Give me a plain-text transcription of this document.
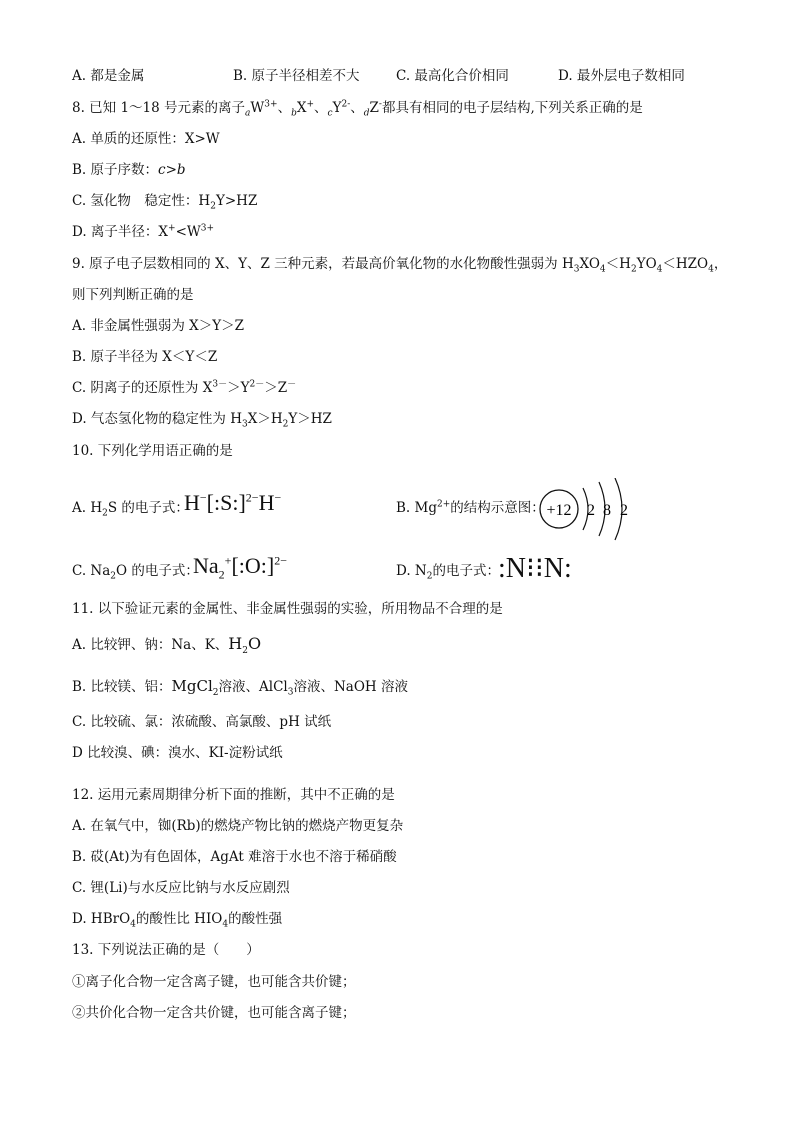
A. 都是金属	B. 原子半径相差不大	C. 最高化合价相同	D. 最外层电子数相同
8. 已知 1～18 号元素的离子$_aW^{3+}$、$_b$X+、$_cY^{2-}$、$_d$Z-都具有相同的电子层结构,下列关系正确的是
A. 单质的还原性：X>W
B. 原子序数：c>b
C. 氢化物　稳定性：$H_2Y>HZ$
D. 离子半径：$X^+<W^{3+}$
9. 原子电子层数相同的 X、Y、Z 三种元素，若最高价氧化物的水化物酸性强弱为 $H_3XO_4<H_2YO_4<HZO_4$，
则下列判断正确的是
A. 非金属性强弱为 X＞Y＞Z
B. 原子半径为 X＜Y＜Z
C. 阴离子的还原性为 $X^{3-}>Y^{2-}>Z^-$
D. 气态氢化物的稳定性为 $H_3X>H_2Y>HZ$
10. 下列化学用语正确的是
A. $H_2S$ 的电子式：
H−[:S:]$^{2-}$H−
B. $Mg^{2+}$的结构示意图： +12 2 8 2
C. $Na_2O$ 的电子式：
$Na_2^+[:O:]^{2-}$
D. $N_2$的电子式：
:N⁝⁝N:
11. 以下验证元素的金属性、非金属性强弱的实验，所用物品不合理的是
A. 比较钾、钠：Na、K、$H_2O$
B. 比较镁、铝：MgCl$_2$溶液、AlCl$_3$溶液、NaOH 溶液
C. 比较硫、氯：浓硫酸、高氯酸、pH 试纸
D 比较溴、碘：溴水、KI-淀粉试纸
12. 运用元素周期律分析下面的推断，其中不正确的是
A. 在氧气中，铷(Rb)的燃烧产物比钠的燃烧产物更复杂
B. 砹(At)为有色固体，AgAt 难溶于水也不溶于稀硝酸
C. 锂(Li)与水反应比钠与水反应剧烈
D. HBrO$_4$的酸性比 $HIO_4$的酸性强
13. 下列说法正确的是（　　）
①离子化合物一定含离子键，也可能含共价键；
②共价化合物一定含共价键，也可能含离子键；
